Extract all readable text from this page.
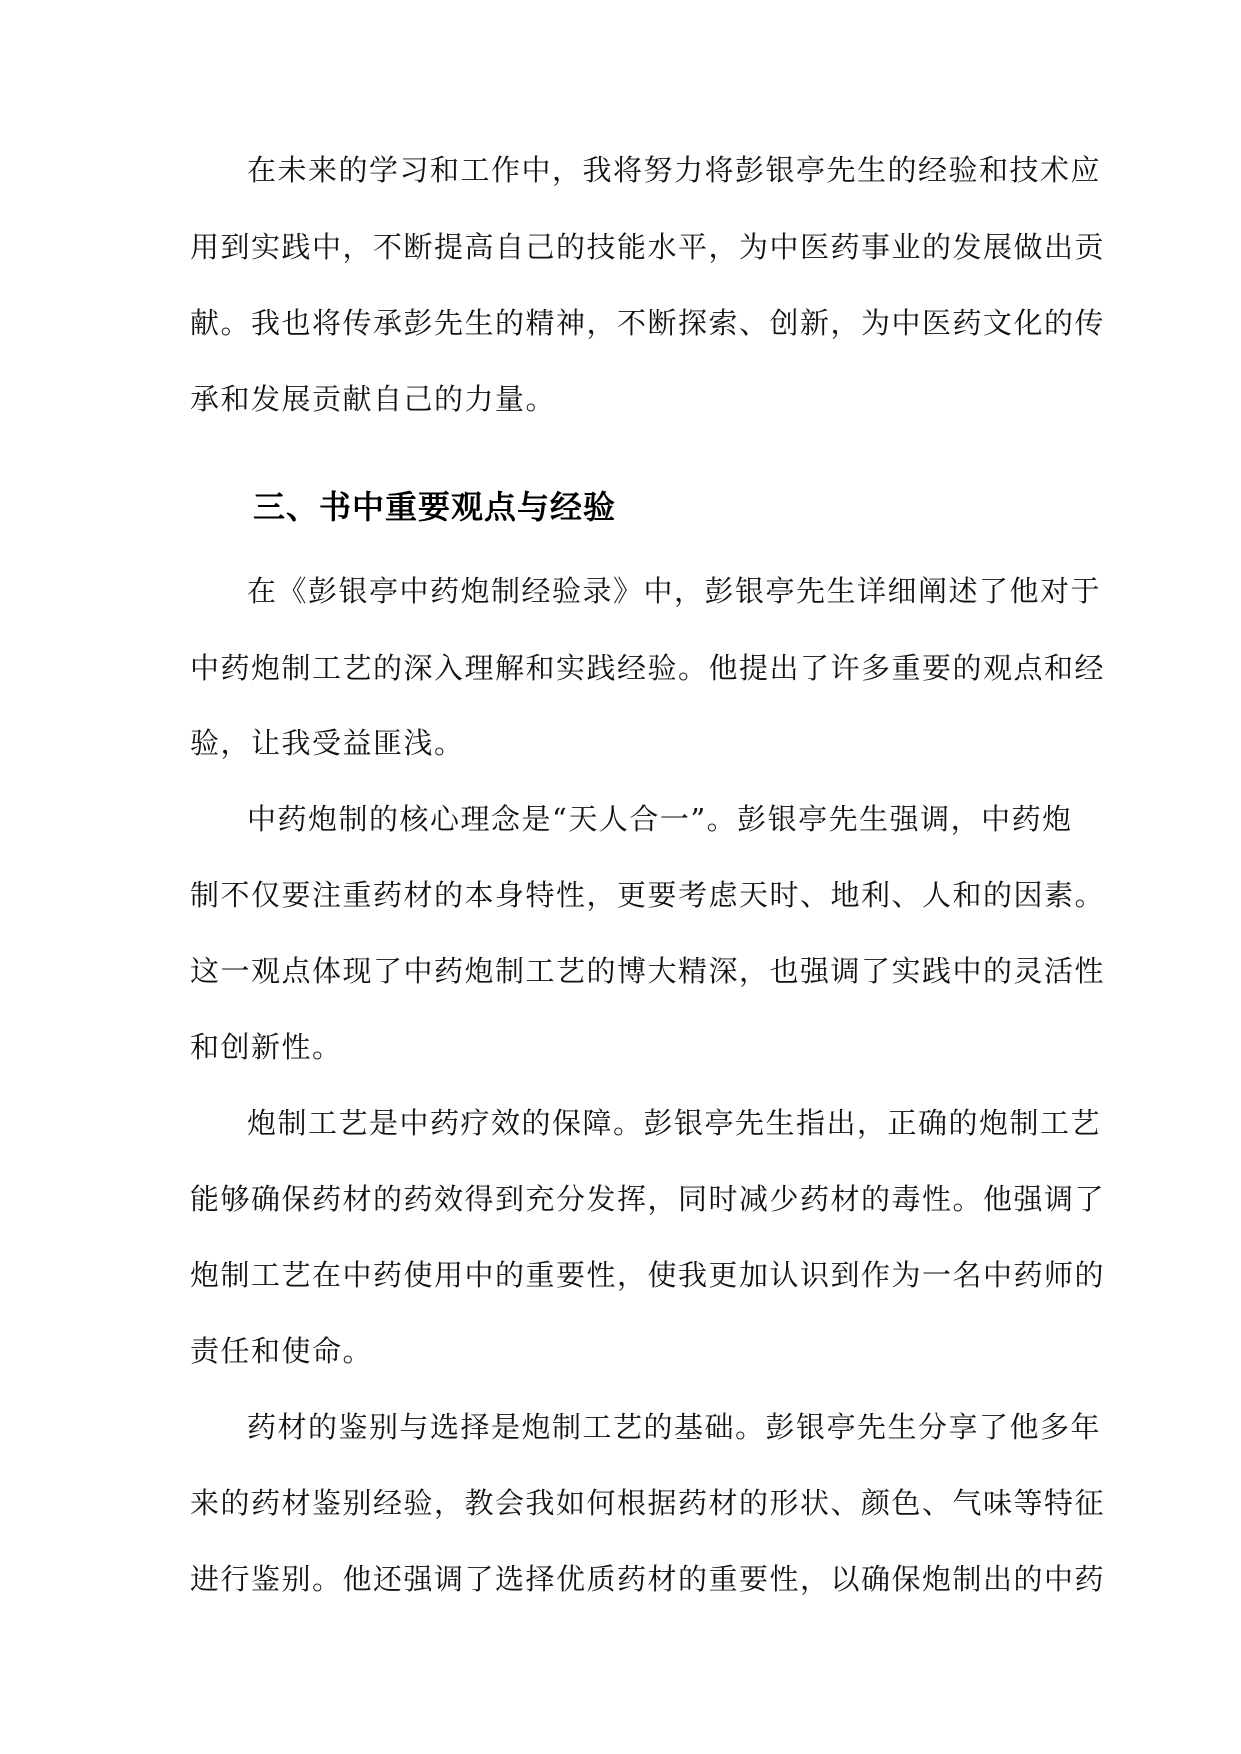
在未来的学习和工作中，我将努力将彭银亭先生的经验和技术应
用到实践中，不断提高自己的技能水平，为中医药事业的发展做出贡
献。我也将传承彭先生的精神，不断探索、创新，为中医药文化的传
承和发展贡献自己的力量。
三、书中重要观点与经验
在《彭银亭中药炮制经验录》中，彭银亭先生详细阐述了他对于
中药炮制工艺的深入理解和实践经验。他提出了许多重要的观点和经
验，让我受益匪浅。
中药炮制的核心理念是“天人合一”。彭银亭先生强调，中药炮
制不仅要注重药材的本身特性，更要考虑天时、地利、人和的因素。
这一观点体现了中药炮制工艺的博大精深，也强调了实践中的灵活性
和创新性。
炮制工艺是中药疗效的保障。彭银亭先生指出，正确的炮制工艺
能够确保药材的药效得到充分发挥，同时减少药材的毒性。他强调了
炮制工艺在中药使用中的重要性，使我更加认识到作为一名中药师的
责任和使命。
药材的鉴别与选择是炮制工艺的基础。彭银亭先生分享了他多年
来的药材鉴别经验，教会我如何根据药材的形状、颜色、气味等特征
进行鉴别。他还强调了选择优质药材的重要性，以确保炮制出的中药
